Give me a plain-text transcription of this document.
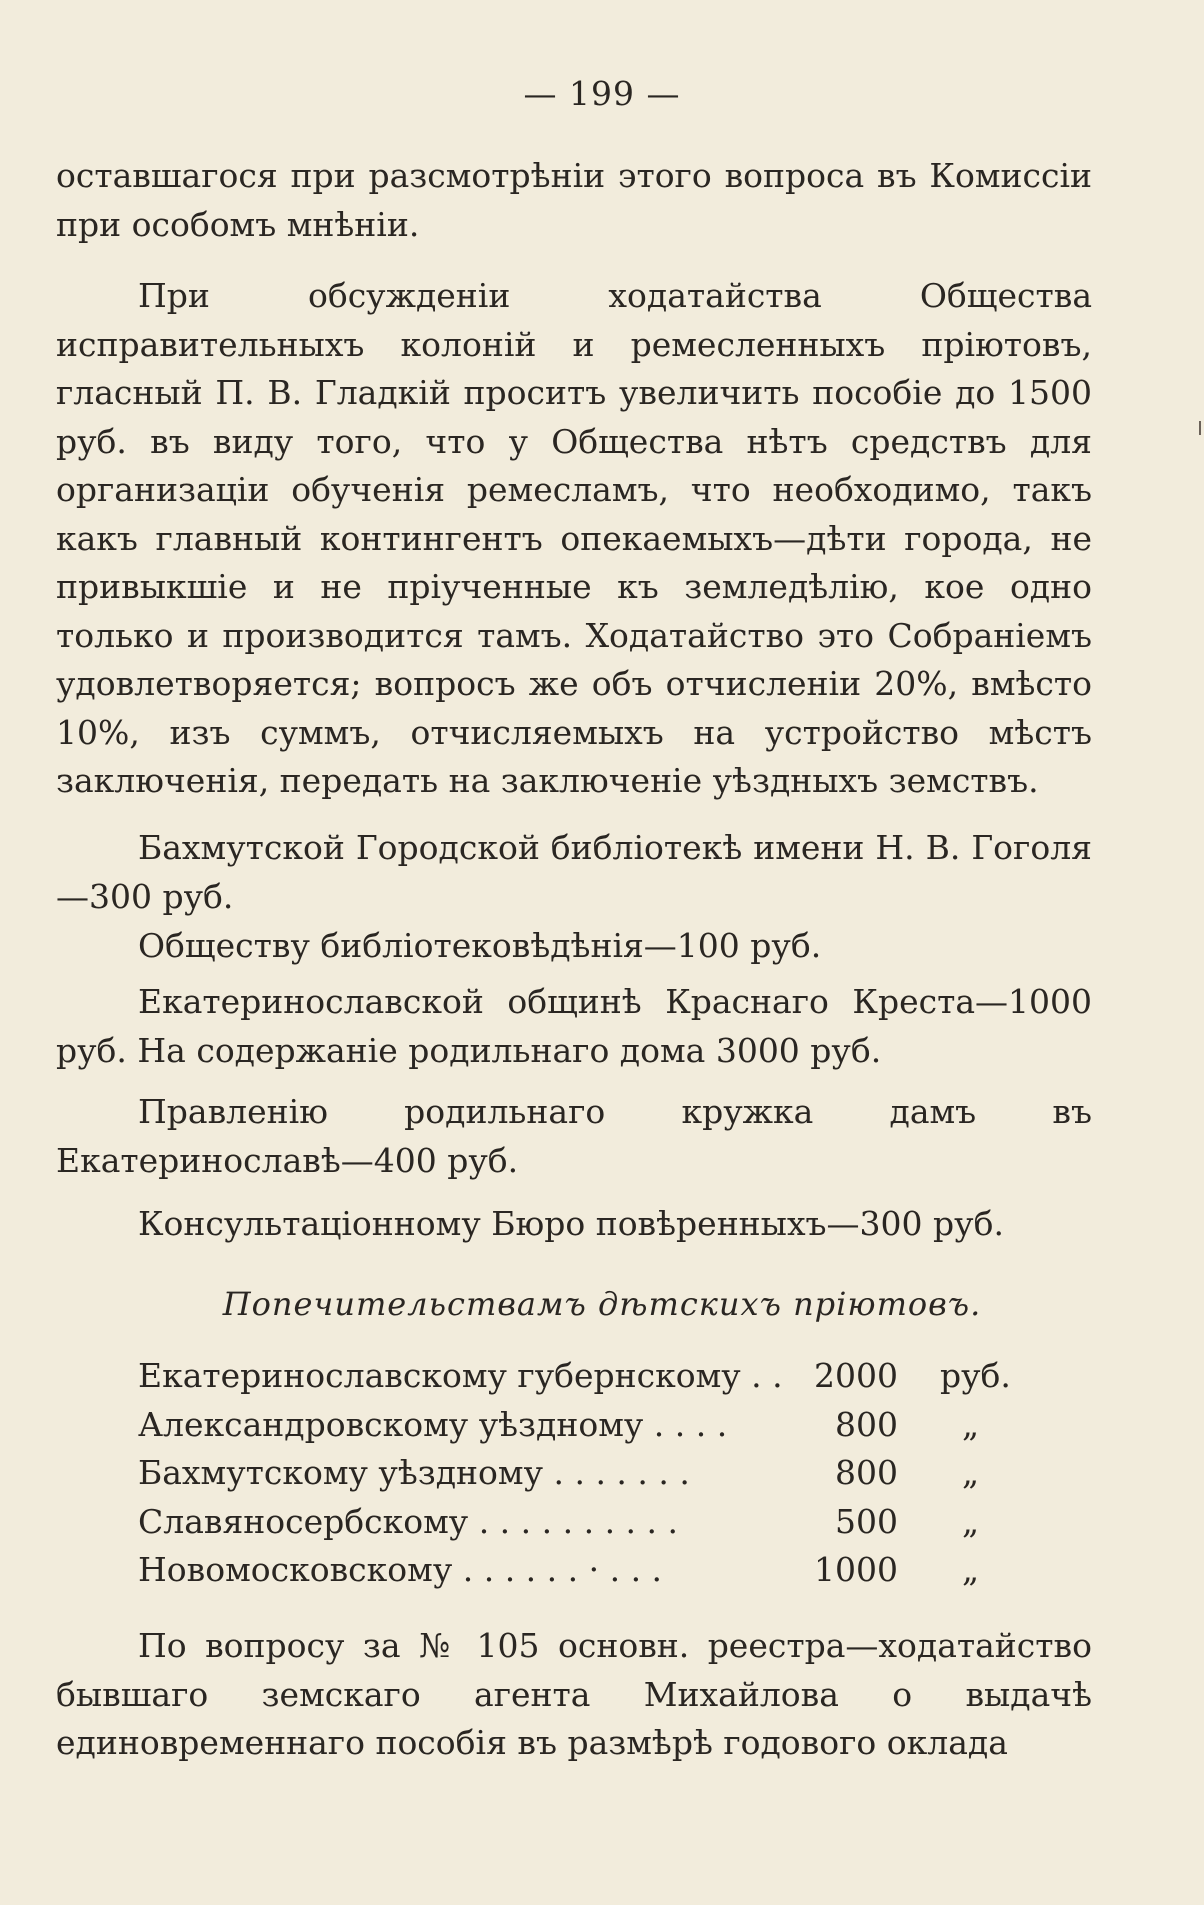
— 199 —

оставшагося при разсмотрѣніи этого вопроса въ Комиссіи при особомъ мнѣніи.

При обсужденіи ходатайства Общества исправительныхъ колоній и ремесленныхъ пріютовъ, гласный П. В. Гладкій проситъ увеличить пособіе до 1500 руб. въ виду того, что у Общества нѣтъ средствъ для организаціи обученія ремесламъ, что необходимо, такъ какъ главный контингентъ опекаемыхъ—дѣти города, не привыкшіе и не пріученные къ земледѣлію, кое одно только и производится тамъ. Ходатайство это Собраніемъ удовлетворяется; вопросъ же объ отчисленіи 20%, вмѣсто 10%, изъ суммъ, отчисляемыхъ на устройство мѣстъ заключенія, передать на заключеніе уѣздныхъ земствъ.

Бахмутской Городской библіотекѣ имени Н. В. Гоголя—300 руб.

Обществу библіотековѣдѣнія—100 руб.

Екатеринославской общинѣ Краснаго Креста—1000 руб. На содержаніе родильнаго дома 3000 руб.

Правленію родильнаго кружка дамъ въ Екатеринославѣ—400 руб.

Консультаціонному Бюро повѣренныхъ—300 руб.

Попечительствамъ дѣтскихъ пріютовъ.
Екатеринославскому губернскому . . 2000 руб.
Александровскому уѣздному . . . .	800 „
Бахмутскому уѣздному . . . . . . .	800 „
Славяносербскому . . . . . . . . . .	500 „
Новомосковскому . . . . . . · . . .	1000 „

По вопросу за № 105 основн. реестра—ходатайство бывшаго земскаго агента Михайлова о выдачѣ единовременнаго пособія въ размѣрѣ годового оклада
